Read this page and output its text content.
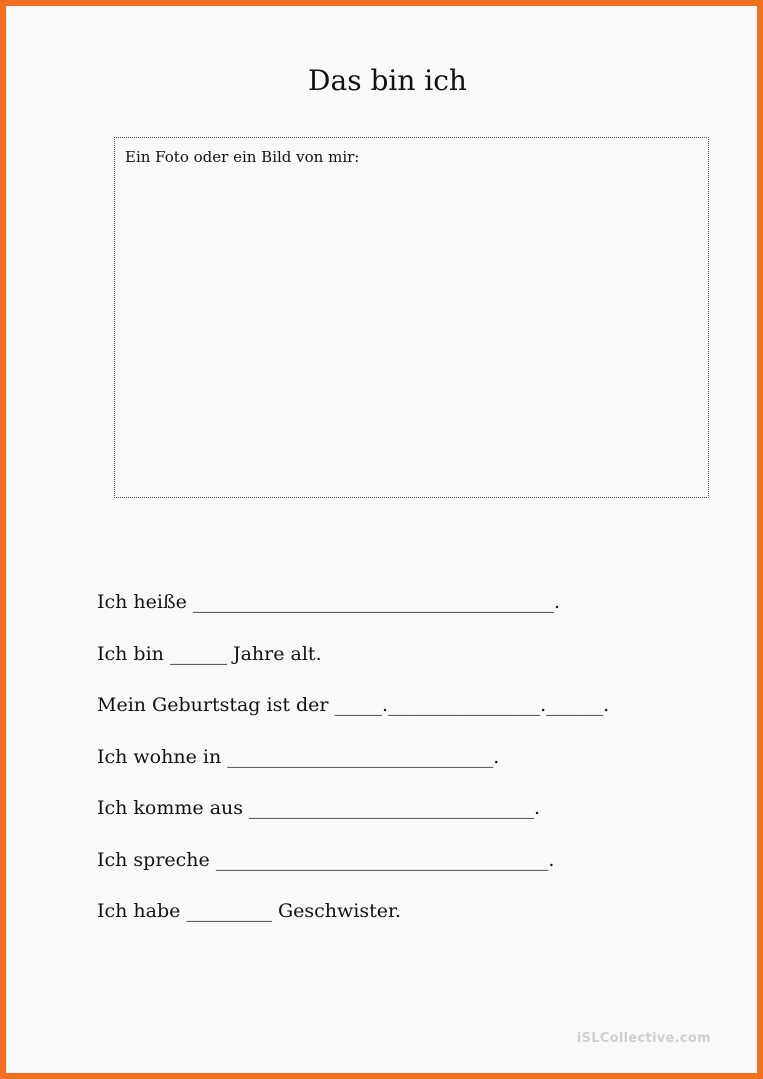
Das bin ich
Ein Foto oder ein Bild von mir:
Ich heiße ______________________________________.
Ich bin ______ Jahre alt.
Mein Geburtstag ist der _____.________________.______.
Ich wohne in ____________________________.
Ich komme aus ______________________________.
Ich spreche ___________________________________.
Ich habe _________ Geschwister.
iSLCollective.com
